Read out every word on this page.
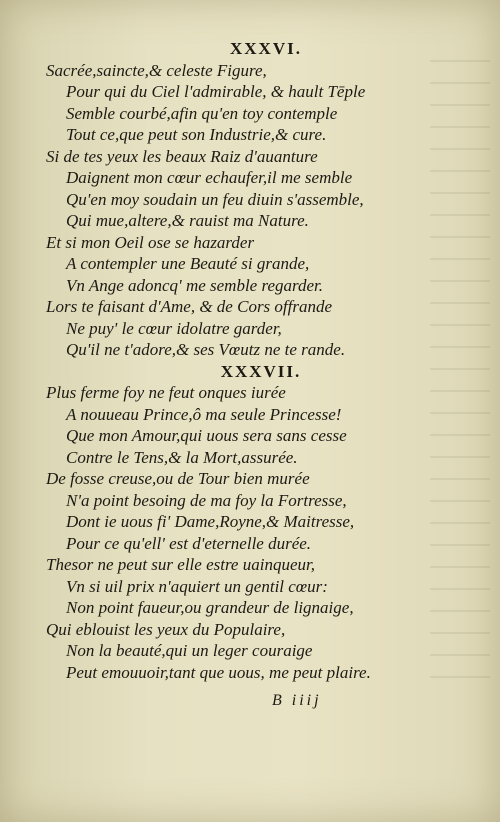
XXXVI.

Sacrée,saincte,& celeste Figure,

Pour qui du Ciel l'admirable, & hault Tēple

Semble courbé,afin qu'en toy contemple

Tout ce,que peut son Industrie,& cure.

Si de tes yeux les beaux Raiz d'auanture

Daignent mon cœur echaufer,il me semble

Qu'en moy soudain un feu diuin s'assemble,

Qui mue,altere,& rauist ma Nature.

Et si mon Oeil ose se hazarder

A contempler une Beauté si grande,

Vn Ange adoncq' me semble regarder.

Lors te faisant d'Ame, & de Cors offrande

Ne puy' le cœur idolatre garder,

Qu'il ne t'adore,& ses Vœutz ne te rande.

XXXVII.

Plus ferme foy ne feut onques iurée

A nouueau Prince,ô ma seule Princesse!

Que mon Amour,qui uous sera sans cesse

Contre le Tens,& la Mort,assurée.

De fosse creuse,ou de Tour bien murée

N'a point besoing de ma foy la Fortresse,

Dont ie uous fi' Dame,Royne,& Maitresse,

Pour ce qu'ell' est d'eternelle durée.

Thesor ne peut sur elle estre uainqueur,

Vn si uil prix n'aquiert un gentil cœur:

Non point faueur,ou grandeur de lignaige,

Qui eblouist les yeux du Populaire,

Non la beauté,qui un leger couraige

Peut emouuoir,tant que uous, me peut plaire.

B iiij
